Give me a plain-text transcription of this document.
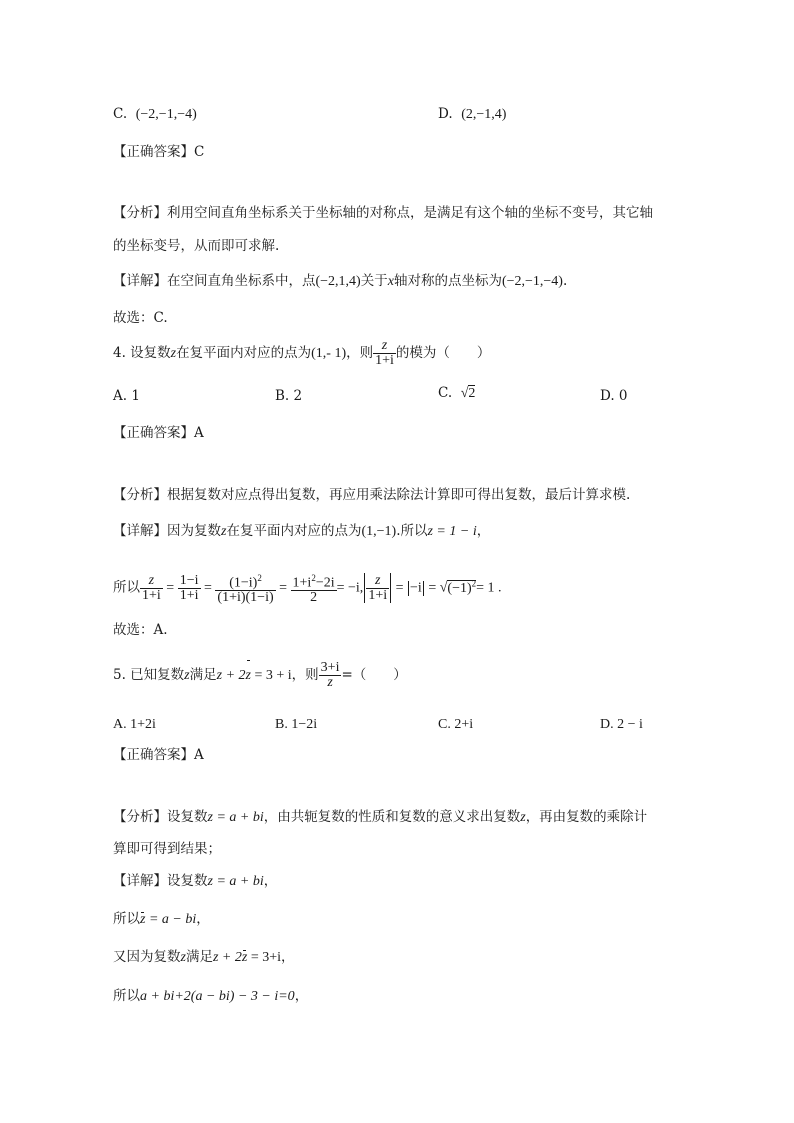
C. (−2,−1,−4)	D. (2,−1,4)
【正确答案】C
【分析】利用空间直角坐标系关于坐标轴的对称点，是满足有这个轴的坐标不变号，其它轴
的坐标变号，从而即可求解.
【详解】在空间直角坐标系中，点(−2,1,4)关于x轴对称的点坐标为(−2,−1,−4).
故选：C.
4. 设复数z在复平面内对应的点为(1,- 1)，则 $\frac{z}{1+i}$ 的模为（　　）
A. 1	B. 2	C. √2	D. 0
【正确答案】A
【分析】根据复数对应点得出复数，再应用乘法除法计算即可得出复数，最后计算求模.
【详解】因为复数z在复平面内对应的点为(1,−1).所以z = 1 − i，
所以 $\frac{z}{1+i} = \frac{1-i}{1+i} = \frac{(1-i)^2}{(1+i)(1-i)} = \frac{1+i^2-2i}{2} = -i$, $\frac{z}{1+i} = -i = √(-1)^2= 1$ .
故选：A.
5. 已知复数z满足z + 2z = 3 + i，则 $\frac{3+i}{z}$ =（　　）
A. 1+2i	B. 1−2i	C. 2+i	D. 2 − i
【正确答案】A
【分析】设复数z = a + bi，由共轭复数的性质和复数的意义求出复数z，再由复数的乘除计
算即可得到结果；
【详解】设复数z = a + bi，
所以z = a − bi，
又因为复数z满足z + 2z = 3+i，
所以a + bi+2(a − bi) − 3 − i=0，
